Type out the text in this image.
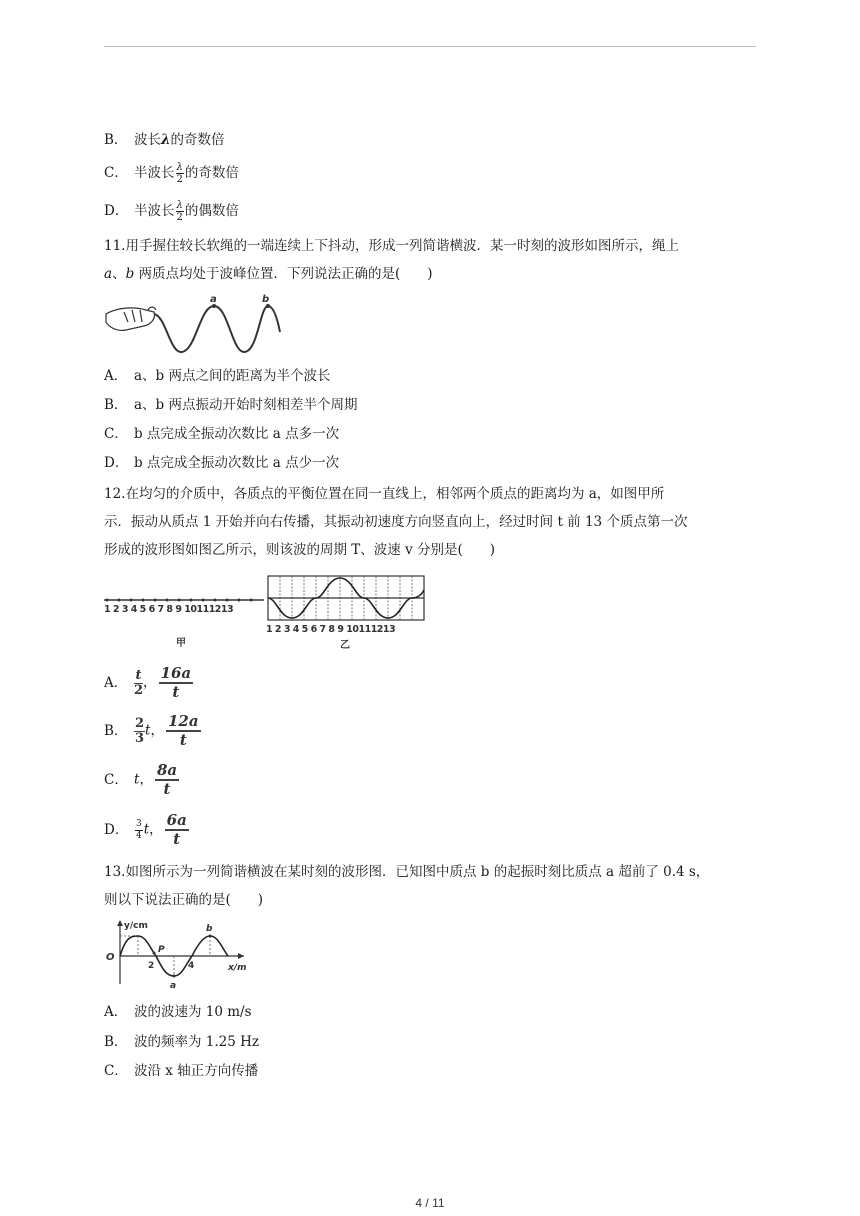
B． 波长λ的奇数倍
C． 半波长 $\frac{\lambda}{2}$ 的奇数倍
D． 半波长 $\frac{\lambda}{2}$ 的偶数倍
11.用手握住较长软绳的一端连续上下抖动，形成一列简谐横波．某一时刻的波形如图所示，绳上
a、b 两质点均处于波峰位置．下列说法正确的是(　　)
a	b
A． a、b 两点之间的距离为半个波长
B． a、b 两点振动开始时刻相差半个周期
C． b 点完成全振动次数比 a 点多一次
D． b 点完成全振动次数比 a 点少一次
12.在均匀的介质中，各质点的平衡位置在同一直线上，相邻两个质点的距离均为 a，如图甲所
示．振动从质点 1 开始并向右传播，其振动初速度方向竖直向上，经过时间 t 前 13 个质点第一次
形成的波形图如图乙所示，则该波的周期 T、波速 v 分别是(　　)
1 2 3 4 5 6 7 8 9 10111213
甲
1 2 3 4 5 6 7 8 9 10111213
乙
A． $\frac{t}{2}$ ， $\frac{16a}{t}$
B． $\frac{2}{3}$ t， $\frac{12a}{t}$
C． t， $\frac{8a}{t}$
D． $\frac{3}{4}$ t， $\frac{6a}{t}$
13.如图所示为一列简谐横波在某时刻的波形图．已知图中质点 b 的起振时刻比质点 a 超前了 0.4 s，
则以下说法正确的是(　　)
y/cm
x/m
O
P
2	4
a
b
A． 波的波速为 10 m/s
B． 波的频率为 1.25 Hz
C． 波沿 x 轴正方向传播
4 / 11
